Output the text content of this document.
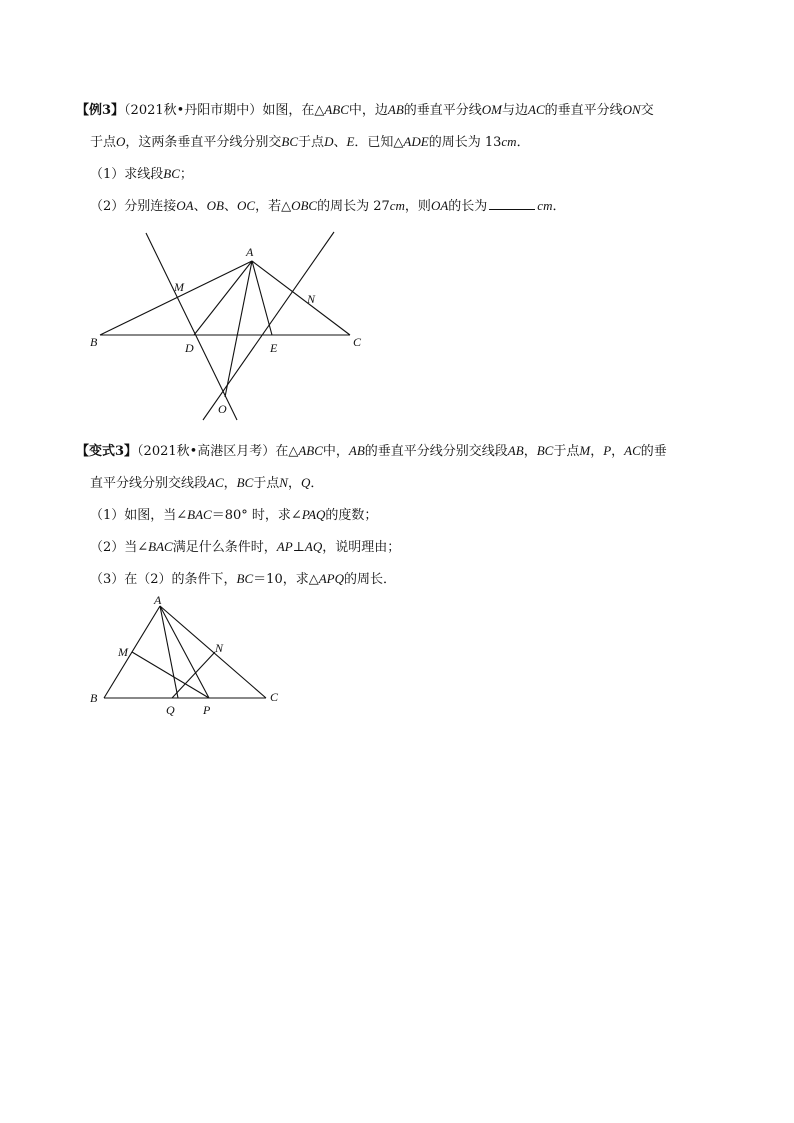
【例3】（2021秋•丹阳市期中）如图，在△ABC中，边AB的垂直平分线OM与边AC的垂直平分线ON交
于点O，这两条垂直平分线分别交BC于点D、E．已知△ADE的周长为 13cm．
（1）求线段BC；
（2）分别连接OA、OB、OC，若△OBC的周长为 27cm，则OA的长为	cm．
A
M
N
B	D	E	C
O
【变式3】（2021秋•高港区月考）在△ABC中，AB的垂直平分线分别交线段AB，BC于点M，P，AC的垂
直平分线分别交线段AC，BC于点N，Q．
（1）如图，当∠BAC＝80° 时，求∠PAQ的度数；
（2）当∠BAC满足什么条件时，AP⊥AQ，说明理由；
（3）在（2）的条件下，BC＝10，求△APQ的周长．
A
M	N
B
Q P
C
